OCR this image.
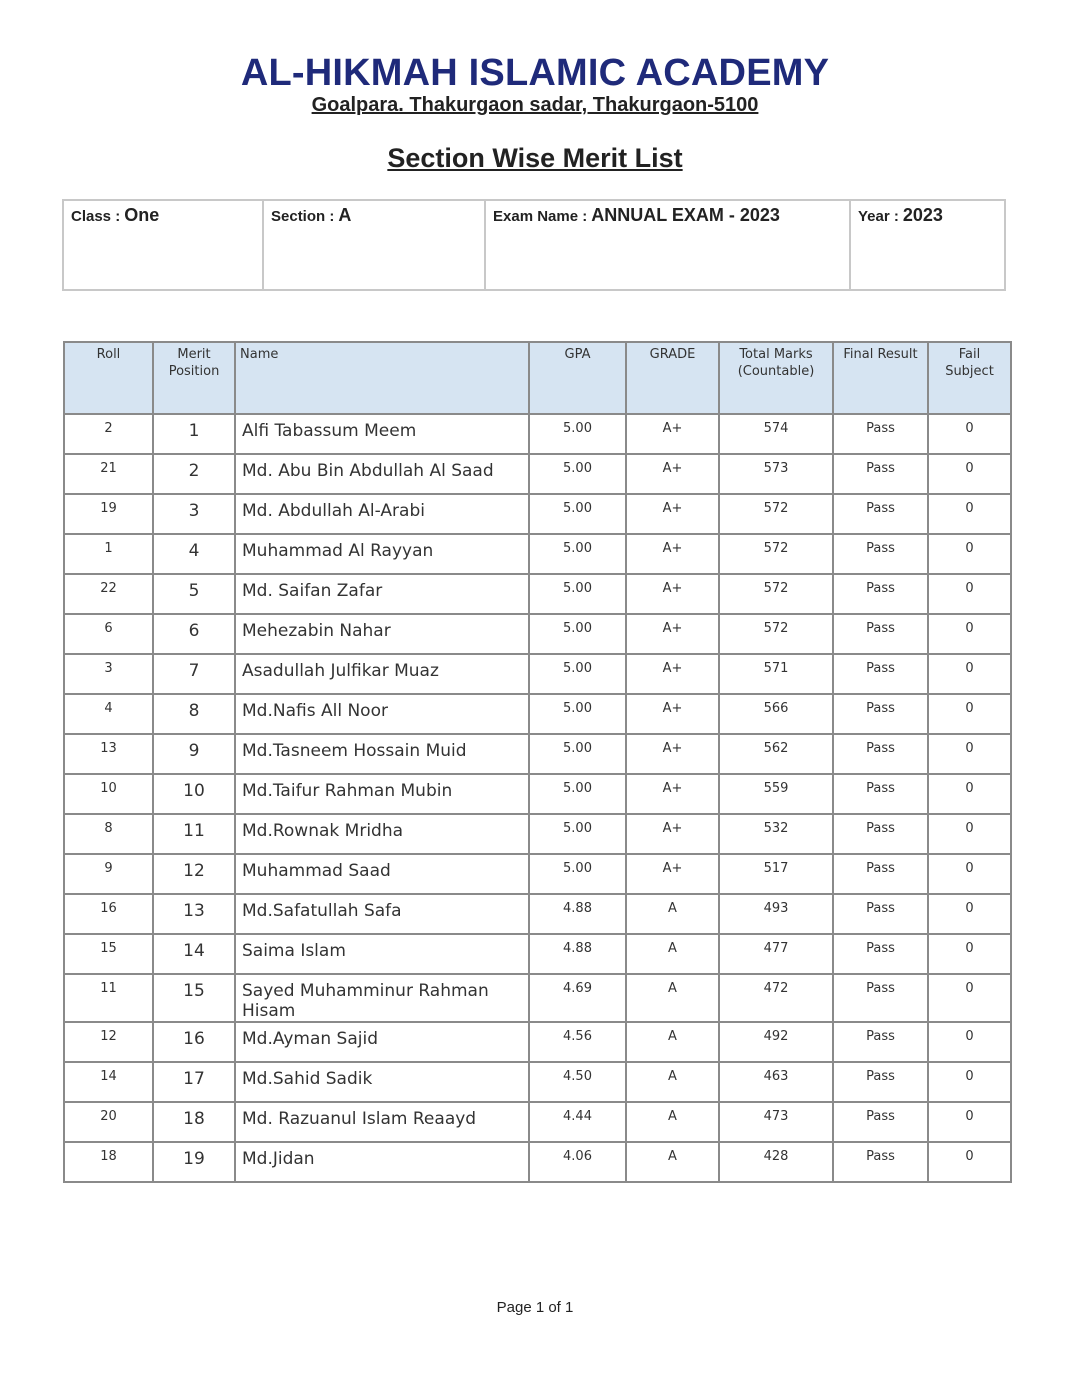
AL-HIKMAH ISLAMIC ACADEMY
Goalpara. Thakurgaon sadar, Thakurgaon-5100
Section Wise Merit List
Class : One	Section : A	Exam Name : ANNUAL EXAM - 2023	Year : 2023
Roll	Merit Position	Name	GPA	GRADE	Total Marks (Countable)	Final Result	Fail Subject
2	1	Alfi Tabassum Meem	5.00	A+	574	Pass	0
21	2	Md. Abu Bin Abdullah Al Saad	5.00	A+	573	Pass	0
19	3	Md. Abdullah Al-Arabi	5.00	A+	572	Pass	0
1	4	Muhammad Al Rayyan	5.00	A+	572	Pass	0
22	5	Md. Saifan Zafar	5.00	A+	572	Pass	0
6	6	Mehezabin Nahar	5.00	A+	572	Pass	0
3	7	Asadullah Julfikar Muaz	5.00	A+	571	Pass	0
4	8	Md.Nafis All Noor	5.00	A+	566	Pass	0
13	9	Md.Tasneem Hossain Muid	5.00	A+	562	Pass	0
10	10	Md.Taifur Rahman Mubin	5.00	A+	559	Pass	0
8	11	Md.Rownak Mridha	5.00	A+	532	Pass	0
9	12	Muhammad Saad	5.00	A+	517	Pass	0
16	13	Md.Safatullah Safa	4.88	A	493	Pass	0
15	14	Saima Islam	4.88	A	477	Pass	0
11	15	Sayed Muhamminur Rahman Hisam	4.69	A	472	Pass	0
12	16	Md.Ayman Sajid	4.56	A	492	Pass	0
14	17	Md.Sahid Sadik	4.50	A	463	Pass	0
20	18	Md. Razuanul Islam Reaayd	4.44	A	473	Pass	0
18	19	Md.Jidan	4.06	A	428	Pass	0
Page 1 of 1
